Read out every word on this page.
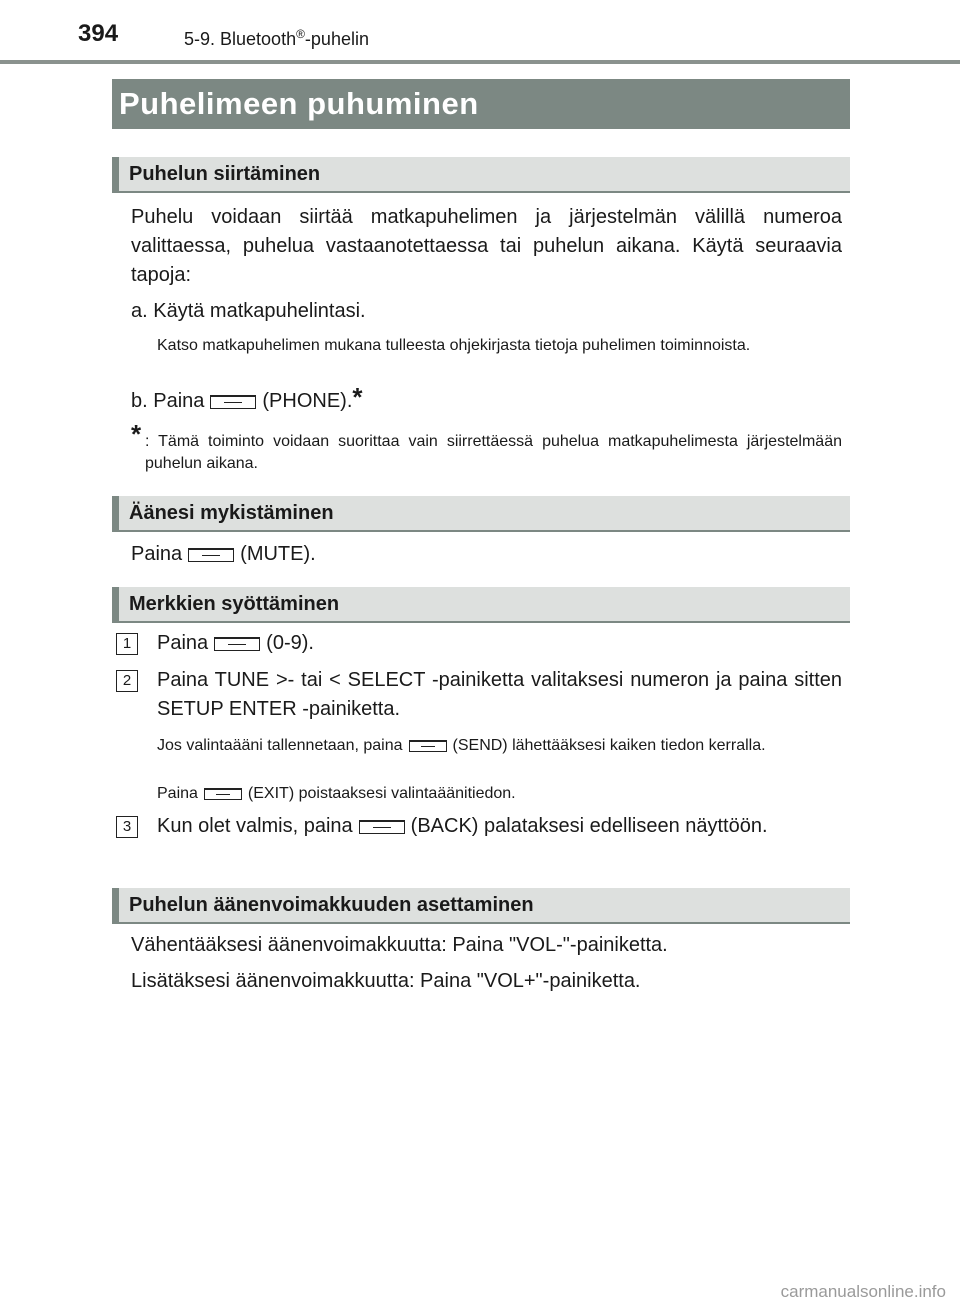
394	5-9. Bluetooth®-puhelin
Puhelimeen puhuminen
Puhelun siirtäminen
Puhelu voidaan siirtää matkapuhelimen ja järjestelmän välillä numeroa valittaessa, puhelua vastaanotettaessa tai puhelun aikana. Käytä seuraavia tapoja:
a. Käytä matkapuhelintasi.
Katso matkapuhelimen mukana tulleesta ohjekirjasta tietoja puhelimen toiminnoista.
b. Paina	(PHONE).*
* : Tämä toiminto voidaan suorittaa vain siirrettäessä puhelua matkapuhelimesta järjestelmään puhelun aikana.
Äänesi mykistäminen
Paina	(MUTE).
Merkkien syöttäminen
1	Paina	(0-9).
2	Paina TUNE >- tai < SELECT -painiketta valitaksesi numeron ja paina sitten SETUP ENTER -painiketta.
Jos valintaääni tallennetaan, paina	(SEND) lähettääksesi kaiken tiedon kerralla.
Paina	(EXIT) poistaaksesi valintaäänitiedon.
3	Kun olet valmis, paina	(BACK) palataksesi edelliseen näyttöön.
Puhelun äänenvoimakkuuden asettaminen
Vähentääksesi äänenvoimakkuutta: Paina "VOL-"-painiketta.
Lisätäksesi äänenvoimakkuutta: Paina "VOL+"-painiketta.
carmanualsonline.info
